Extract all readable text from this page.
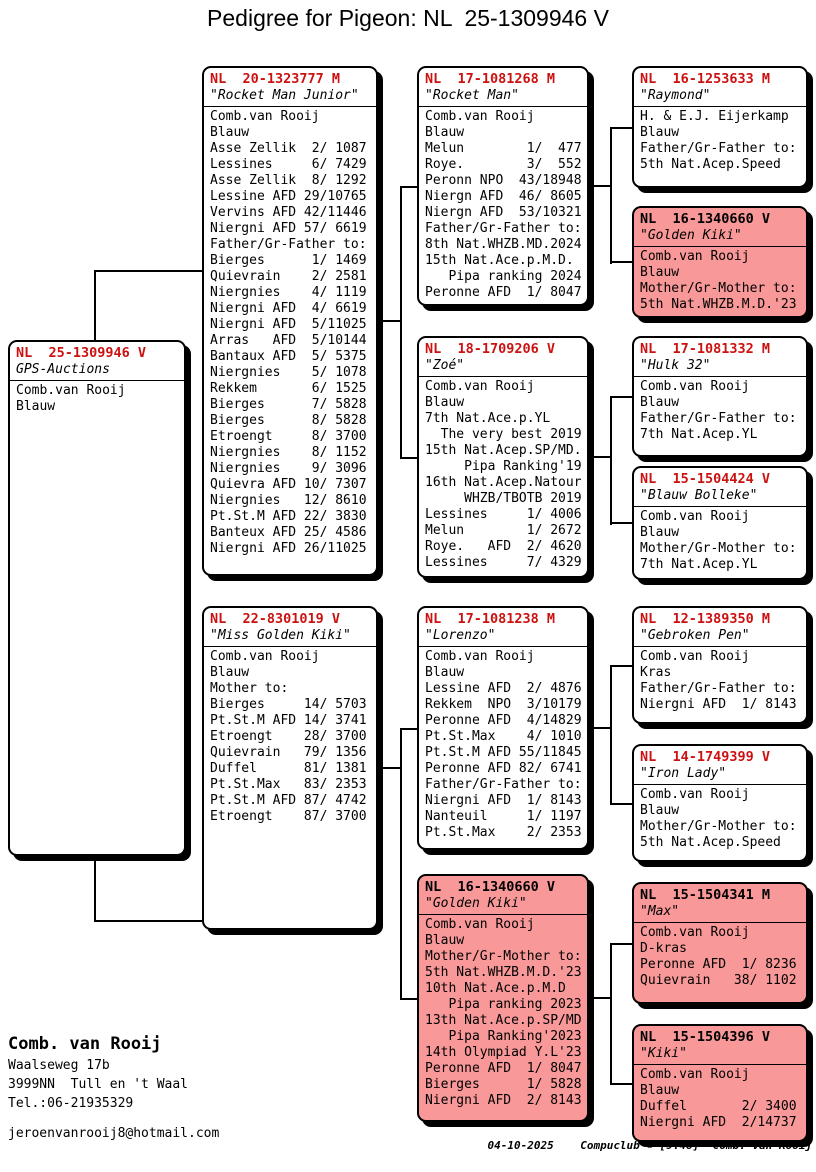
Pedigree for Pigeon: NL  25-1309946 V
NL  25-1309946 V
GPS-Auctions
Comb.van Rooij
Blauw
NL  20-1323777 M
"Rocket Man Junior"
Comb.van Rooij
Blauw
Asse Zellik  2/ 1087
Lessines     6/ 7429
Asse Zellik  8/ 1292
Lessine AFD 29/10765
Vervins AFD 42/11446
Niergni AFD 57/ 6619
Father/Gr-Father to:
Bierges      1/ 1469
Quievrain    2/ 2581
Niergnies    4/ 1119
Niergni AFD  4/ 6619
Niergni AFD  5/11025
Arras   AFD  5/10144
Bantaux AFD  5/ 5375
Niergnies    5/ 1078
Rekkem       6/ 1525
Bierges      7/ 5828
Bierges      8/ 5828
Etroengt     8/ 3700
Niergnies    8/ 1152
Niergnies    9/ 3096
Quievra AFD 10/ 7307
Niergnies   12/ 8610
Pt.St.M AFD 22/ 3830
Banteux AFD 25/ 4586
Niergni AFD 26/11025
NL  22-8301019 V
"Miss Golden Kiki"
Comb.van Rooij
Blauw
Mother to:
Bierges     14/ 5703
Pt.St.M AFD 14/ 3741
Etroengt    28/ 3700
Quievrain   79/ 1356
Duffel      81/ 1381
Pt.St.Max   83/ 2353
Pt.St.M AFD 87/ 4742
Etroengt    87/ 3700
NL  17-1081268 M
"Rocket Man"
Comb.van Rooij
Blauw
Melun        1/  477
Roye.        3/  552
Peronn NPO  43/18948
Niergn AFD  46/ 8605
Niergn AFD  53/10321
Father/Gr-Father to:
8th Nat.WHZB.MD.2024
15th Nat.Ace.p.M.D.
Pipa ranking 2024
Peronne AFD  1/ 8047
NL  18-1709206 V
"Zoé"
Comb.van Rooij
Blauw
7th Nat.Ace.p.YL
The very best 2019
15th Nat.Acep.SP/MD.
Pipa Ranking'19
16th Nat.Acep.Natour
WHZB/TBOTB 2019
Lessines     1/ 4006
Melun        1/ 2672
Roye.   AFD  2/ 4620
Lessines     7/ 4329
NL  17-1081238 M
"Lorenzo"
Comb.van Rooij
Blauw
Lessine AFD  2/ 4876
Rekkem  NPO  3/10179
Peronne AFD  4/14829
Pt.St.Max    4/ 1010
Pt.St.M AFD 55/11845
Peronne AFD 82/ 6741
Father/Gr-Father to:
Niergni AFD  1/ 8143
Nanteuil     1/ 1197
Pt.St.Max    2/ 2353
NL  16-1340660 V
"Golden Kiki"
Comb.van Rooij
Blauw
Mother/Gr-Mother to:
5th Nat.WHZB.M.D.'23
10th Nat.Ace.p.M.D
Pipa ranking 2023
13th Nat.Ace.p.SP/MD
Pipa Ranking'2023
14th Olympiad Y.L'23
Peronne AFD  1/ 8047
Bierges      1/ 5828
Niergni AFD  2/ 8143
NL  16-1253633 M
"Raymond"
H. & E.J. Eijerkamp
Blauw
Father/Gr-Father to:
5th Nat.Acep.Speed
NL  16-1340660 V
"Golden Kiki"
Comb.van Rooij
Blauw
Mother/Gr-Mother to:
5th Nat.WHZB.M.D.'23
NL  17-1081332 M
"Hulk 32"
Comb.van Rooij
Blauw
Father/Gr-Father to:
7th Nat.Acep.YL
NL  15-1504424 V
"Blauw Bolleke"
Comb.van Rooij
Blauw
Mother/Gr-Mother to:
7th Nat.Acep.YL
NL  12-1389350 M
"Gebroken Pen"
Comb.van Rooij
Kras
Father/Gr-Father to:
Niergni AFD  1/ 8143
NL  14-1749399 V
"Iron Lady"
Comb.van Rooij
Blauw
Mother/Gr-Mother to:
5th Nat.Acep.Speed
NL  15-1504341 M
"Max"
Comb.van Rooij
D-kras
Peronne AFD  1/ 8236
Quievrain   38/ 1102
NL  15-1504396 V
"Kiki"
Comb.van Rooij
Blauw
Duffel       2/ 3400
Niergni AFD  2/14737
Comb. van Rooij
Waalseweg 17b
3999NN  Tull en 't Waal
Tel.:06-21935329
jeroenvanrooij8@hotmail.com
04-10-2025    Compuclub © [9.48]  Comb. van Rooij
